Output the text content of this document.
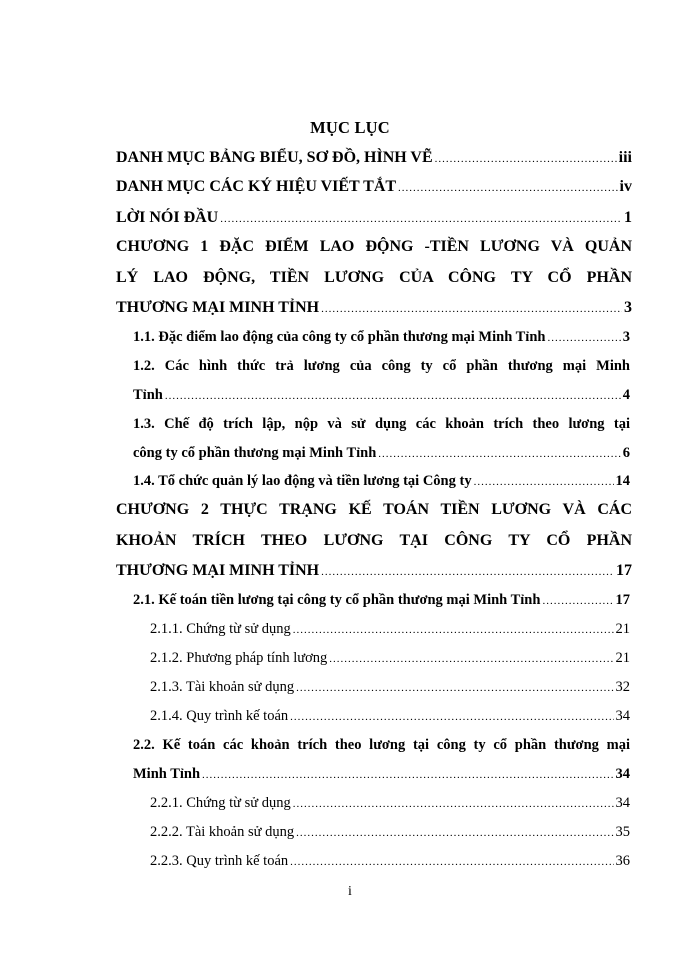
MỤC LỤC
DANH MỤC BẢNG BIỂU, SƠ ĐỒ, HÌNH VẼ .....	iii
DANH MỤC CÁC KÝ HIỆU VIẾT TẮT .....	iv
LỜI NÓI ĐẦU .....	1
CHƯƠNG 1 ĐẶC ĐIỂM LAO ĐỘNG -TIỀN LƯƠNG VÀ QUẢN
LÝ LAO ĐỘNG, TIỀN LƯƠNG CỦA CÔNG TY CỔ PHẦN
THƯƠNG MẠI MINH TỈNH .....	3
1.1. Đặc điểm lao động của công ty cổ phần thương mại Minh Tỉnh .....	3
1.2. Các hình thức trả lương của công ty cổ phần thương mại Minh
Tỉnh .....	4
1.3. Chế độ trích lập, nộp và sử dụng các khoản trích theo lương tại
công ty cổ phần thương mại Minh Tỉnh .....	6
1.4. Tổ chức quản lý lao động và tiền lương tại Công ty .....	14
CHƯƠNG 2 THỰC TRẠNG KẾ TOÁN TIỀN LƯƠNG VÀ CÁC
KHOẢN TRÍCH THEO LƯƠNG TẠI CÔNG TY CỔ PHẦN
THƯƠNG MẠI MINH TỈNH .....	17
2.1. Kế toán tiền lương tại công ty cổ phần thương mại Minh Tỉnh .....	17
2.1.1. Chứng từ sử dụng .....	21
2.1.2. Phương pháp tính lương .....	21
2.1.3. Tài khoản sử dụng .....	32
2.1.4. Quy trình kế toán .....	34
2.2. Kế toán các khoản trích theo lương tại công ty cổ phần thương mại
Minh Tỉnh .....	34
2.2.1. Chứng từ sử dụng .....	34
2.2.2. Tài khoản sử dụng .....	35
2.2.3. Quy trình kế toán .....	36
i
